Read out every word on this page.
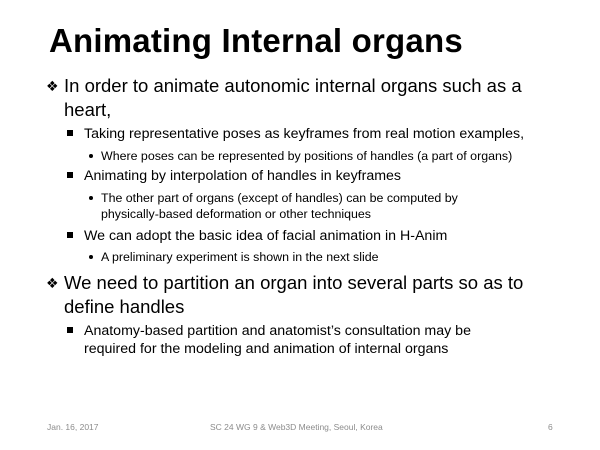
Animating Internal organs
❖ In order to animate autonomic internal organs such as a
heart,
Taking representative poses as keyframes from real motion examples,
Where poses can be represented by positions of handles (a part of organs)
Animating by interpolation of handles in keyframes
The other part of organs (except of handles) can be computed by
physically-based deformation or other techniques
We can adopt the basic idea of facial animation in H-Anim
A preliminary experiment is shown in the next slide
❖ We need to partition an organ into several parts so as to
define handles
Anatomy-based partition and anatomist’s consultation may be
required for the modeling and animation of internal organs
Jan. 16, 2017	SC 24 WG 9 & Web3D Meeting, Seoul, Korea	6
